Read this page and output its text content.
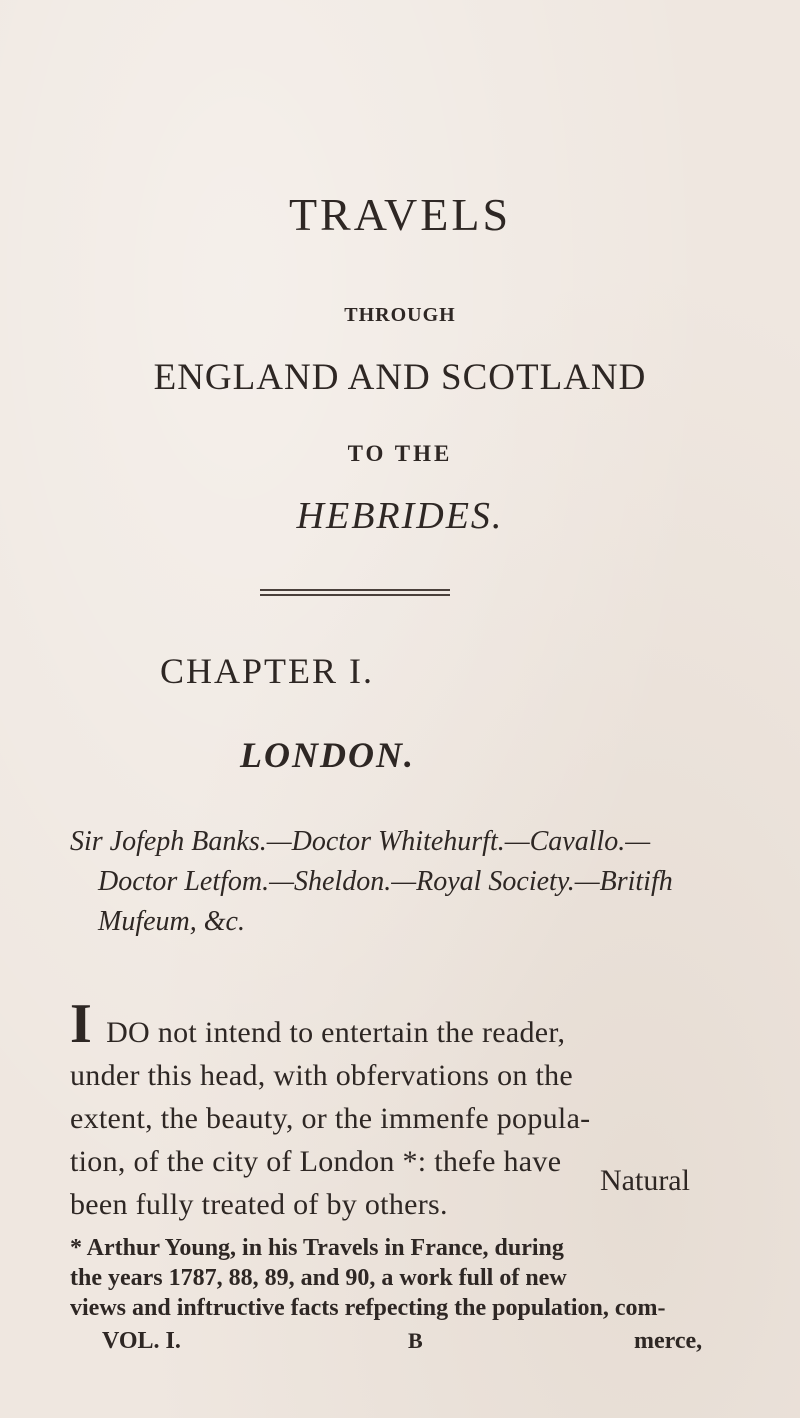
TRAVELS
THROUGH
ENGLAND AND SCOTLAND
TO THE
HEBRIDES.
CHAPTER I.
LONDON.
Sir Jofeph Banks.—Doctor Whitehurft.—Cavallo.—
Doctor Letfom.—Sheldon.—Royal Society.—Britifh
Mufeum, &c.
IDO not intend to entertain the reader,
under this head, with obfervations on the
extent, the beauty, or the immenfe popula-
tion, of the city of London *: thefe have
been fully treated of by others.
Natural
* Arthur Young, in his Travels in France, during
the years 1787, 88, 89, and 90, a work full of new
views and inftructive facts refpecting the population, com-
VOL. I.	B	merce,
